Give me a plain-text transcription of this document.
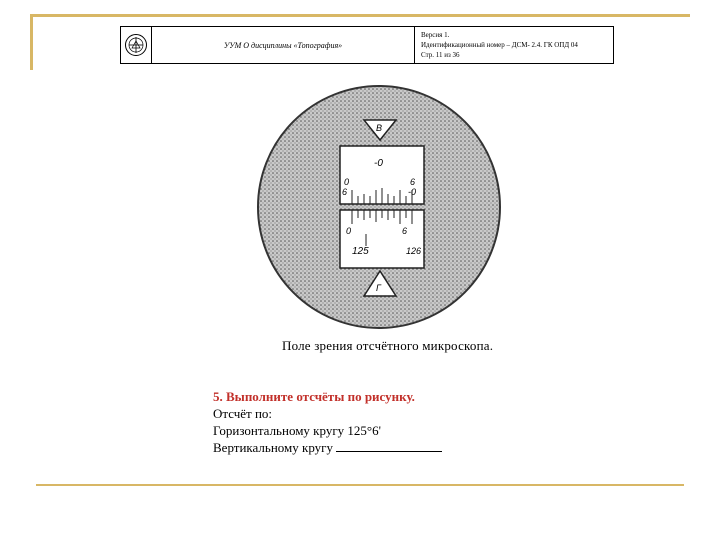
УУМ О дисциплины «Топография»
Версия 1.
Идентификационный номер – ДСМ- 2.4. ГК ОПД 04
Стр. 11 из 36
-0
0
6
6
-0
0	6
125	126
В
Г
Поле зрения отсчётного микроскопа.
5. Выполните отсчёты по рисунку.
Отсчёт по:
Горизонтальному кругу 125°6'
Вертикальному кругу
